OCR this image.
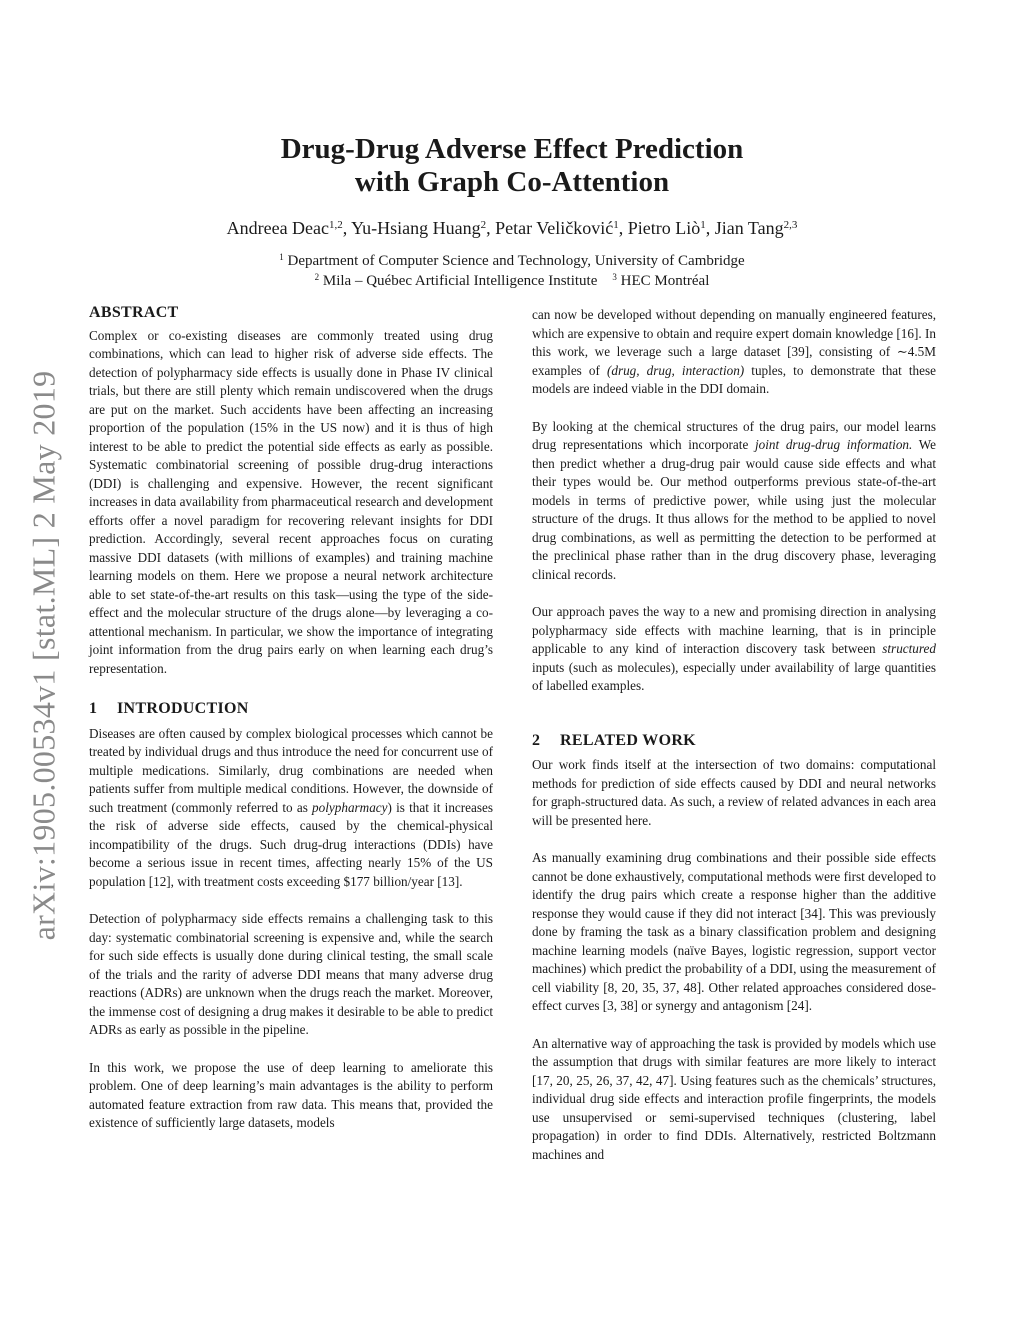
arXiv:1905.00534v1 [stat.ML] 2 May 2019
Drug-Drug Adverse Effect Prediction
with Graph Co-Attention
Andreea Deac$^{1,2}$, Yu-Hsiang Huang$^2$, Petar Veličković$^1$, Pietro Liò$^1$, Jian Tang$^{2,3}$
$^1$ Department of Computer Science and Technology, University of Cambridge
$^2$ Mila – Québec Artificial Intelligence Institute $^3$ HEC Montréal
ABSTRACT

Complex or co-existing diseases are commonly treated using drug combinations, which can lead to higher risk of adverse side effects. The detection of polypharmacy side effects is usually done in Phase IV clinical trials, but there are still plenty which remain undiscovered when the drugs are put on the market. Such accidents have been affecting an increasing proportion of the population (15% in the US now) and it is thus of high interest to be able to predict the potential side effects as early as possible. Systematic combinatorial screening of possible drug-drug interactions (DDI) is challenging and expensive. However, the recent significant increases in data availability from pharmaceutical research and development efforts offer a novel paradigm for recovering relevant insights for DDI prediction. Accordingly, several recent approaches focus on curating massive DDI datasets (with millions of examples) and training machine learning models on them. Here we propose a neural network architecture able to set state-of-the-art results on this task—using the type of the side-effect and the molecular structure of the drugs alone—by leveraging a co-attentional mechanism. In particular, we show the importance of integrating joint information from the drug pairs early on when learning each drug’s representation.

1 INTRODUCTION

Diseases are often caused by complex biological processes which cannot be treated by individual drugs and thus introduce the need for concurrent use of multiple medications. Similarly, drug combinations are needed when patients suffer from multiple medical conditions. However, the downside of such treatment (commonly referred to as polypharmacy) is that it increases the risk of adverse side effects, caused by the chemical-physical incompatibility of the drugs. Such drug-drug interactions (DDIs) have become a serious issue in recent times, affecting nearly 15% of the US population [12], with treatment costs exceeding $177 billion/year [13].

Detection of polypharmacy side effects remains a challenging task to this day: systematic combinatorial screening is expensive and, while the search for such side effects is usually done during clinical testing, the small scale of the trials and the rarity of adverse DDI means that many adverse drug reactions (ADRs) are unknown when the drugs reach the market. Moreover, the immense cost of designing a drug makes it desirable to be able to predict ADRs as early as possible in the pipeline.

In this work, we propose the use of deep learning to ameliorate this problem. One of deep learning’s main advantages is the ability to perform automated feature extraction from raw data. This means that, provided the existence of sufficiently large datasets, models

can now be developed without depending on manually engineered features, which are expensive to obtain and require expert domain knowledge [16]. In this work, we leverage such a large dataset [39], consisting of ∼4.5M examples of (drug, drug, interaction) tuples, to demonstrate that these models are indeed viable in the DDI domain.

By looking at the chemical structures of the drug pairs, our model learns drug representations which incorporate joint drug-drug information. We then predict whether a drug-drug pair would cause side effects and what their types would be. Our method outperforms previous state-of-the-art models in terms of predictive power, while using just the molecular structure of the drugs. It thus allows for the method to be applied to novel drug combinations, as well as permitting the detection to be performed at the preclinical phase rather than in the drug discovery phase, leveraging clinical records.

Our approach paves the way to a new and promising direction in analysing polypharmacy side effects with machine learning, that is in principle applicable to any kind of interaction discovery task between structured inputs (such as molecules), especially under availability of large quantities of labelled examples.

2 RELATED WORK

Our work finds itself at the intersection of two domains: computational methods for prediction of side effects caused by DDI and neural networks for graph-structured data. As such, a review of related advances in each area will be presented here.

As manually examining drug combinations and their possible side effects cannot be done exhaustively, computational methods were first developed to identify the drug pairs which create a response higher than the additive response they would cause if they did not interact [34]. This was previously done by framing the task as a binary classification problem and designing machine learning models (naïve Bayes, logistic regression, support vector machines) which predict the probability of a DDI, using the measurement of cell viability [8, 20, 35, 37, 48]. Other related approaches considered dose-effect curves [3, 38] or synergy and antagonism [24].

An alternative way of approaching the task is provided by models which use the assumption that drugs with similar features are more likely to interact [17, 20, 25, 26, 37, 42, 47]. Using features such as the chemicals’ structures, individual drug side effects and interaction profile fingerprints, the models use unsupervised or semi-supervised techniques (clustering, label propagation) in order to find DDIs. Alternatively, restricted Boltzmann machines and
